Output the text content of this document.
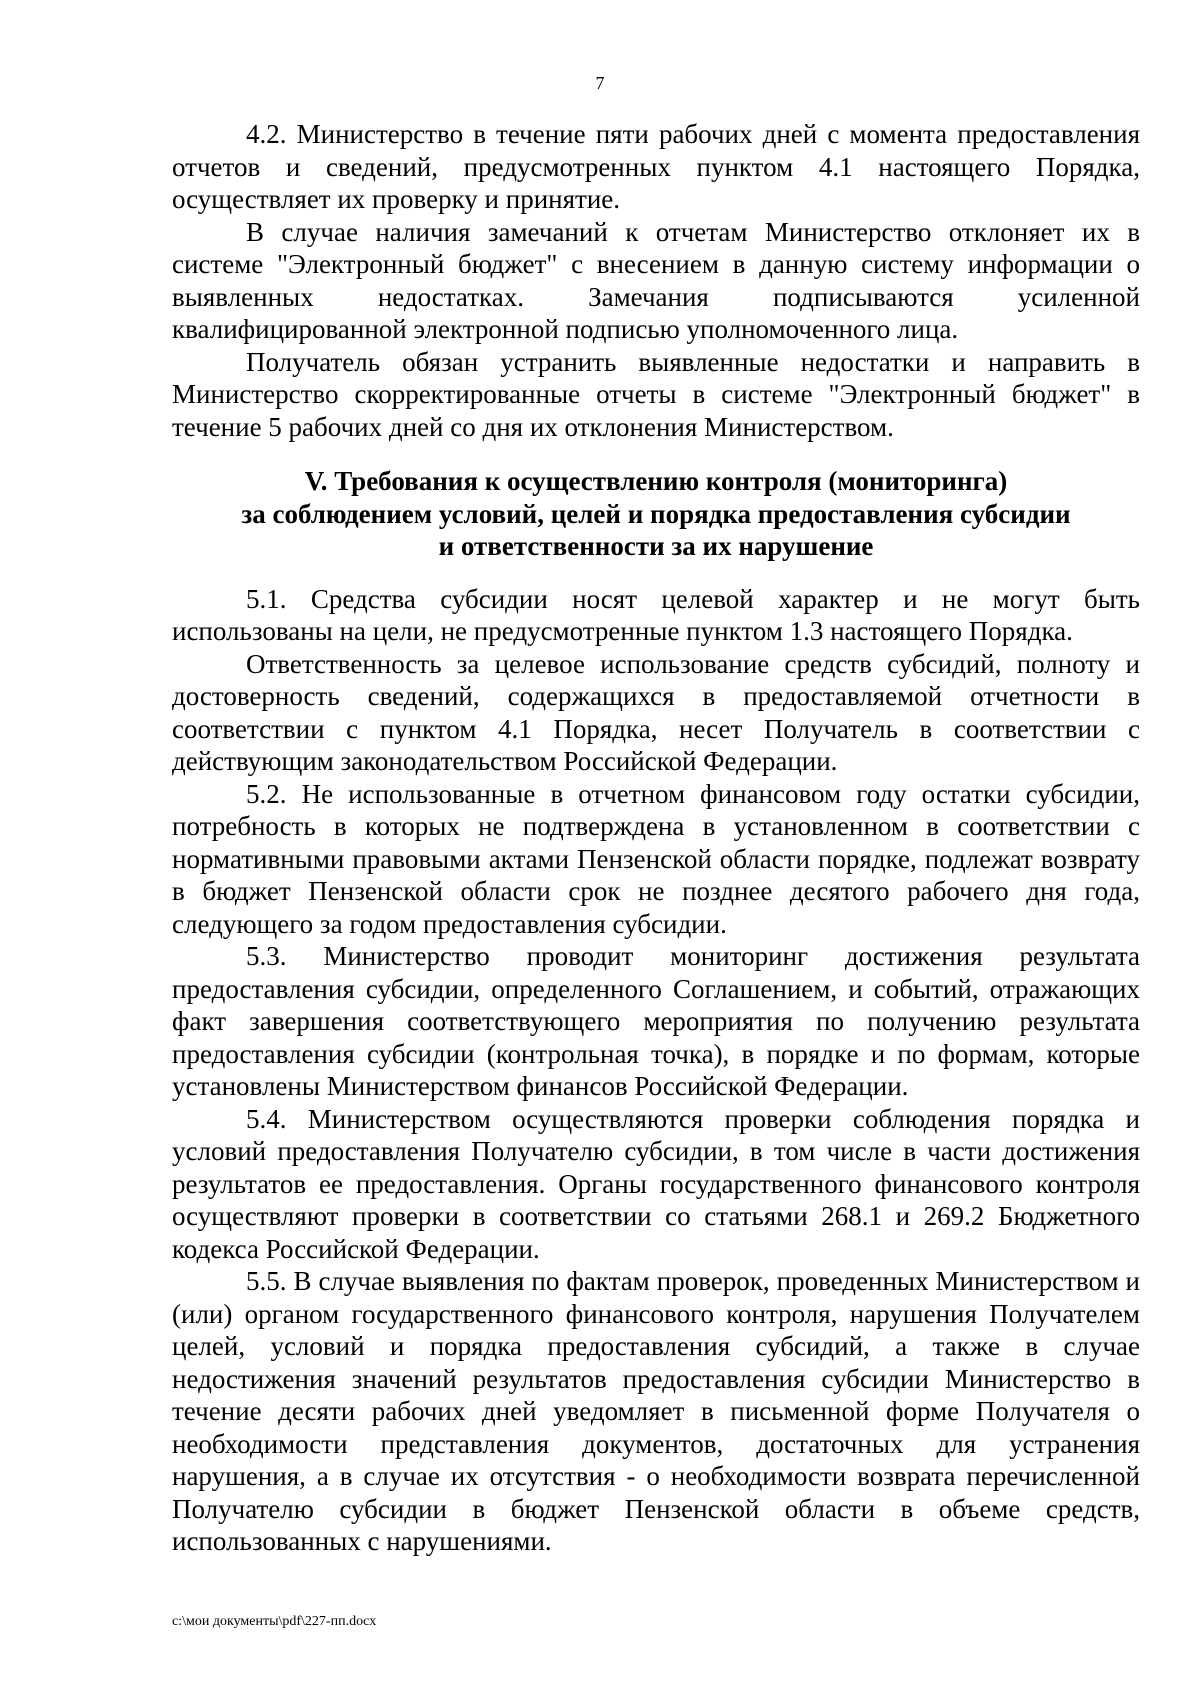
7

4.2. Министерство в течение пяти рабочих дней с момента предоставления отчетов и сведений, предусмотренных пунктом 4.1 настоящего Порядка, осуществляет их проверку и принятие.

В случае наличия замечаний к отчетам Министерство отклоняет их в системе "Электронный бюджет" с внесением в данную систему информации о выявленных недостатках. Замечания подписываются усиленной квалифицированной электронной подписью уполномоченного лица.

Получатель обязан устранить выявленные недостатки и направить в Министерство скорректированные отчеты в системе "Электронный бюджет" в течение 5 рабочих дней со дня их отклонения Министерством.

V. Требования к осуществлению контроля (мониторинга)
за соблюдением условий, целей и порядка предоставления субсидии
и ответственности за их нарушение

5.1. Средства субсидии носят целевой характер и не могут быть использованы на цели, не предусмотренные пунктом 1.3 настоящего Порядка.

Ответственность за целевое использование средств субсидий, полноту и достоверность сведений, содержащихся в предоставляемой отчетности в соответствии с пунктом 4.1 Порядка, несет Получатель в соответствии с действующим законодательством Российской Федерации.

5.2. Не использованные в отчетном финансовом году остатки субсидии, потребность в которых не подтверждена в установленном в соответствии с нормативными правовыми актами Пензенской области порядке, подлежат возврату в бюджет Пензенской области срок не позднее десятого рабочего дня года, следующего за годом предоставления субсидии.

5.3. Министерство проводит мониторинг достижения результата предоставления субсидии, определенного Соглашением, и событий, отражающих факт завершения соответствующего мероприятия по получению результата предоставления субсидии (контрольная точка), в порядке и по формам, которые установлены Министерством финансов Российской Федерации.

5.4. Министерством осуществляются проверки соблюдения порядка и условий предоставления Получателю субсидии, в том числе в части достижения результатов ее предоставления. Органы государственного финансового контроля осуществляют проверки в соответствии со статьями 268.1 и 269.2 Бюджетного кодекса Российской Федерации.

5.5. В случае выявления по фактам проверок, проведенных Министерством и (или) органом государственного финансового контроля, нарушения Получателем целей, условий и порядка предоставления субсидий, а также в случае недостижения значений результатов предоставления субсидии Министерство в течение десяти рабочих дней уведомляет в письменной форме Получателя о необходимости представления документов, достаточных для устранения нарушения, а в случае их отсутствия - о необходимости возврата перечисленной Получателю субсидии в бюджет Пензенской области в объеме средств, использованных с нарушениями.

c:\мои документы\pdf\227-пп.docx
